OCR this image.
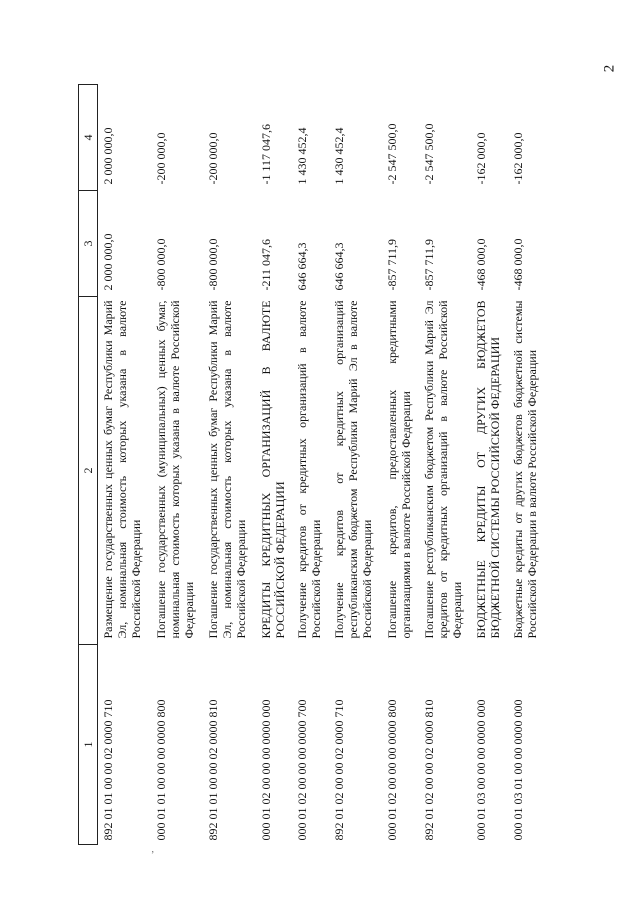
2
’
1	2	3	4
892 01 01 00 00 02 0000 710	Размещение государственных ценных бумаг Республики Марий Эл, номинальная стоимость которых указана в валюте Российской Федерации	2 000 000,0	2 000 000,0
000 01 01 00 00 00 0000 800	Погашение государственных (муниципальных) ценных бумаг, номинальная стоимость которых указана в валюте Российской Федерации	-800 000,0	-200 000,0
892 01 01 00 00 02 0000 810	Погашение государственных ценных бумаг Республики Марий Эл, номинальная стоимость которых указана в валюте Российской Федерации	-800 000,0	-200 000,0
000 01 02 00 00 00 0000 000	КРЕДИТЫ КРЕДИТНЫХ ОРГАНИЗАЦИЙ В ВАЛЮТЕ РОССИЙСКОЙ ФЕДЕРАЦИИ	-211 047,6	-1 117 047,6
000 01 02 00 00 00 0000 700	Получение кредитов от кредитных организаций в валюте Российской Федерации	646 664,3	1 430 452,4
892 01 02 00 00 02 0000 710	Получение кредитов от кредитных организаций республиканским бюджетом Республики Марий Эл в валюте Российской Федерации	646 664,3	1 430 452,4
000 01 02 00 00 00 0000 800	Погашение кредитов, предоставленных кредитными организациями в валюте Российской Федерации	-857 711,9	-2 547 500,0
892 01 02 00 00 02 0000 810	Погашение республиканским бюджетом Республики Марий Эл кредитов от кредитных организаций в валюте Российской Федерации	-857 711,9	-2 547 500,0
000 01 03 00 00 00 0000 000	БЮДЖЕТНЫЕ КРЕДИТЫ ОТ ДРУГИХ БЮДЖЕТОВ БЮДЖЕТНОЙ СИСТЕМЫ РОССИЙСКОЙ ФЕДЕРАЦИИ	-468 000,0	-162 000,0
000 01 03 01 00 00 0000 000	Бюджетные кредиты от других бюджетов бюджетной системы Российской Федерации в валюте Российской Федерации	-468 000,0	-162 000,0
